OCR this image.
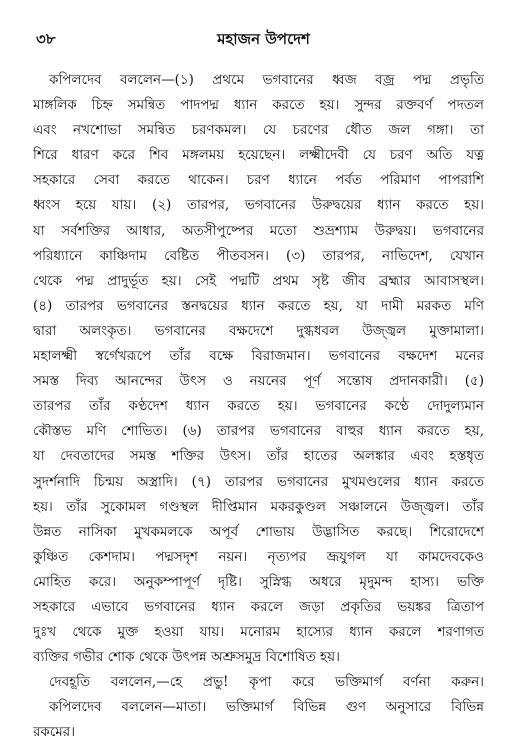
৩৮	মহাজন উপদেশ
কপিলদেব বললেন—(১) প্রথমে ভগবানের ধ্বজ বজ্র পদ্ম প্রভৃতি
মাঙ্গলিক চিহ্ন সমন্বিত পাদপদ্ম ধ্যান করতে হয়। সুন্দর রক্তবর্ণ পদতল
এবং নখশোভা সমন্বিত চরণকমল। যে চরণের ধৌত জল গঙ্গা। তা
শিরে ধারণ করে শিব মঙ্গলময় হয়েছেন। লক্ষ্মীদেবী যে চরণ অতি যত্ন
সহকারে সেবা করতে থাকেন। চরণ ধ্যানে পর্বত পরিমাণ পাপরাশি
ধ্বংস হয়ে যায়। (২) তারপর, ভগবানের উরুদ্বয়ের ধ্যান করতে হয়।
যা সর্বশক্তির আধার, অতসীপুষ্পের মতো শুভ্রশ্যাম উরুদ্বয়। ভগবানের
পরিধ্যানে কাঞ্চিদাম বেষ্টিত পীতবসন। (৩) তারপর, নাভিদেশ, যেখান
থেকে পদ্ম প্রাদুর্ভূত হয়। সেই পদ্মটি প্রথম সৃষ্ট জীব ব্রহ্মার আবাসস্থল।
(৪) তারপর ভগবানের স্তনদ্বয়ের ধ্যান করতে হয়, যা দামী মরকত মণি
দ্বারা অলংকৃত। ভগবানের বক্ষদেশে দুগ্ধধবল উজ্জ্বল মুক্তামালা।
মহালক্ষ্মী স্বর্গেখরূপে তাঁর বক্ষে বিরাজমান। ভগবানের বক্ষদেশ মনের
সমস্ত দিব্য আনন্দের উৎস ও নয়নের পূর্ণ সন্তোষ প্রদানকারী। (৫)
তারপর তাঁর কণ্ঠদেশ ধ্যান করতে হয়। ভগবানের কণ্ঠে দোদুল্যমান
কৌস্তভ মণি শোভিত। (৬) তারপর ভগবানের বাহুর ধ্যান করতে হয়,
যা দেবতাদের সমস্ত শক্তির উৎস। তাঁর হাতের অলঙ্কার এবং হস্তধৃত
সুদর্শনাদি চিন্ময় অস্ত্রাদি। (৭) তারপর ভগবানের মুখমণ্ডলের ধ্যান করতে
হয়। তাঁর সুকোমল গণ্ডস্থল দীপ্তিমান মকরকুণ্ডল সঞ্চালনে উজ্জ্বল। তাঁর
উন্নত নাসিকা মুখকমলকে অপূর্ব শোভায় উদ্ভাসিত করছে। শিরোদেশে
কুঞ্চিত কেশদাম। পদ্মসদৃশ নয়ন। নৃত্যপর ভ্রূযুগল যা কামদেবকেও
মোহিত করে। অনুকম্পাপূর্ণ দৃষ্টি। সুস্নিগ্ধ অধরে মৃদুমন্দ হাস্য। ভক্তি
সহকারে এভাবে ভগবানের ধ্যান করলে জড়া প্রকৃতির ভয়ঙ্কর ত্রিতাপ
দুঃখ থেকে মুক্ত হওয়া যায়। মনোরম হাস্যের ধ্যান করলে শরণাগত
ব্যক্তির গভীর শোক থেকে উৎপন্ন অশ্রুসমুদ্র বিশোষিত হয়।
দেবহূতি বললেন,—হে প্রভু! কৃপা করে ভক্তিমার্গ বর্ণনা করুন।
কপিলদেব বললেন—মাতা। ভক্তিমার্গ বিভিন্ন গুণ অনুসারে বিভিন্ন
রকমের।
